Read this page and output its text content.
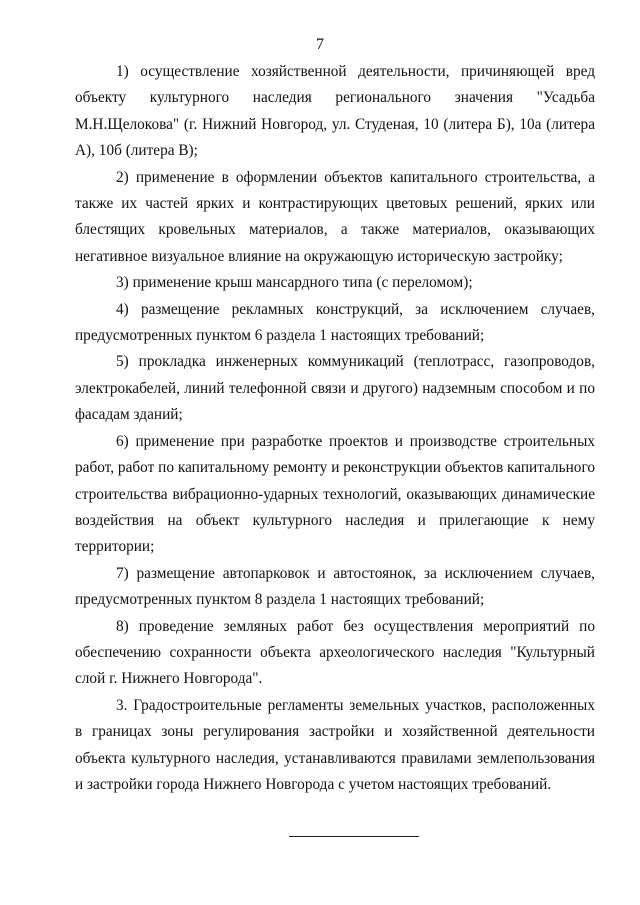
7

1) осуществление хозяйственной деятельности, причиняющей вред объекту культурного наследия регионального значения "Усадьба М.Н.Щелокова" (г. Нижний Новгород, ул. Студеная, 10 (литера Б), 10а (литера А), 10б (литера В);

2) применение в оформлении объектов капитального строительства, а также их частей ярких и контрастирующих цветовых решений, ярких или блестящих кровельных материалов, а также материалов, оказывающих негативное визуальное влияние на окружающую историческую застройку;

3) применение крыш мансардного типа (с переломом);

4) размещение рекламных конструкций, за исключением случаев, предусмотренных пунктом 6 раздела 1 настоящих требований;

5) прокладка инженерных коммуникаций (теплотрасс, газопроводов, электрокабелей, линий телефонной связи и другого) надземным способом и по фасадам зданий;

6) применение при разработке проектов и производстве строительных работ, работ по капитальному ремонту и реконструкции объектов капитального строительства вибрационно-ударных технологий, оказывающих динамические воздействия на объект культурного наследия и прилегающие к нему территории;

7) размещение автопарковок и автостоянок, за исключением случаев, предусмотренных пунктом 8 раздела 1 настоящих требований;

8) проведение земляных работ без осуществления мероприятий по обеспечению сохранности объекта археологического наследия "Культурный слой г. Нижнего Новгорода".

3. Градостроительные регламенты земельных участков, расположенных в границах зоны регулирования застройки и хозяйственной деятельности объекта культурного наследия, устанавливаются правилами землепользования и застройки города Нижнего Новгорода с учетом настоящих требований.
